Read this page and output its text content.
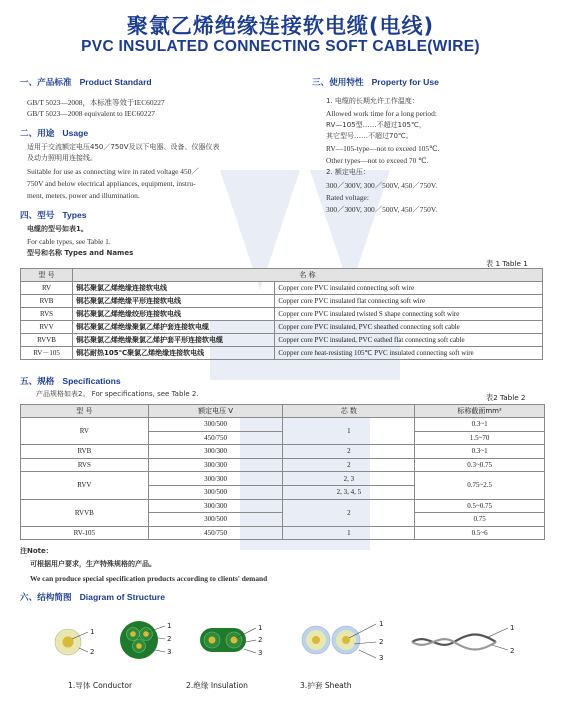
聚氯乙烯绝缘连接软电缆(电线)
PVC INSULATED CONNECTING SOFT CABLE(WIRE)
一、产品标准 Product Standard
GB/T 5023—2008，本标准等效于IEC60227
GB/T 5023—2008 equivalent to IEC60227
二、用途 Usage
适用于交流额定电压450／750V及以下电器、设备、仪器仪表
及动力照明用连接线。
Suitable for use as connecting wire in rated voltage 450／
750V and below electrical appliances, equipment, instru-
ment, meters, power and illumination.
三、使用特性 Property for Use
1. 电缆的长期允许工作温度：
Allowed work time for a long period:
RV—105型……不超过105℃，
其它型号……不超过70℃。
RV—105-type—not to exceed 105℃.
Other types—not to exceed 70 ℃.
2. 额定电压：
300／300V, 300／500V, 450／750V.
Rated voltage:
300／300V, 300／500V, 450／750V.
四、型号 Types
电缆的型号如表1。
For cable types, see Table 1.
型号和名称 Types and Names
表 1 Table 1
型 号	名 称	
RV	铜芯聚氯乙烯绝缘连接软电线	Copper core PVC insulated connecting soft wire
RVB	铜芯聚氯乙烯绝缘平形连接软电线	Copper core PVC insulated flat connecting soft wire
RVS	铜芯聚氯乙烯绝缘绞形连接软电线	Copper core PVC insulated twisted S shape connecting soft wire
RVV	铜芯聚氯乙烯绝缘聚氯乙烯护套连接软电缆	Copper core PVC insulated, PVC sheathed connecting soft cable
RVVB	铜芯聚氯乙烯绝缘聚氯乙烯护套平形连接软电缆	Copper core PVC insulated, PVC eathed flat connecting soft cable
RV－105	铜芯耐热105℃聚氯乙烯绝缘连接软电线	Copper core heat-resisting 105℃ PVC insulated connecting soft wire
五、规格 Specifications
产品规格如表2。 For specifications, see Table 2.	表2 Table 2
型 号	额定电压 V	芯 数	标称截面mm²
RV	300/500	1	0.3~1
	450/750		1.5~70
RVB	300/300	2	0.3~1
RVS	300/300	2	0.3~0.75
RVV	300/300	2, 3	0.75~2.5
	300/500	2, 3, 4, 5	
RVVB	300/300	2	0.5~0.75
	300/500		0.75
RV-105	450/750	1	0.5~6
注Note：
可根据用户要求，生产特殊规格的产品。
We can produce special specification products according to clients' demand
六、结构简图 Diagram of Structure
1
2
1
2
3
1
2
3
1
2
3
1
2
1.导体 Conductor	2.绝缘 Insulation	3.护套 Sheath
